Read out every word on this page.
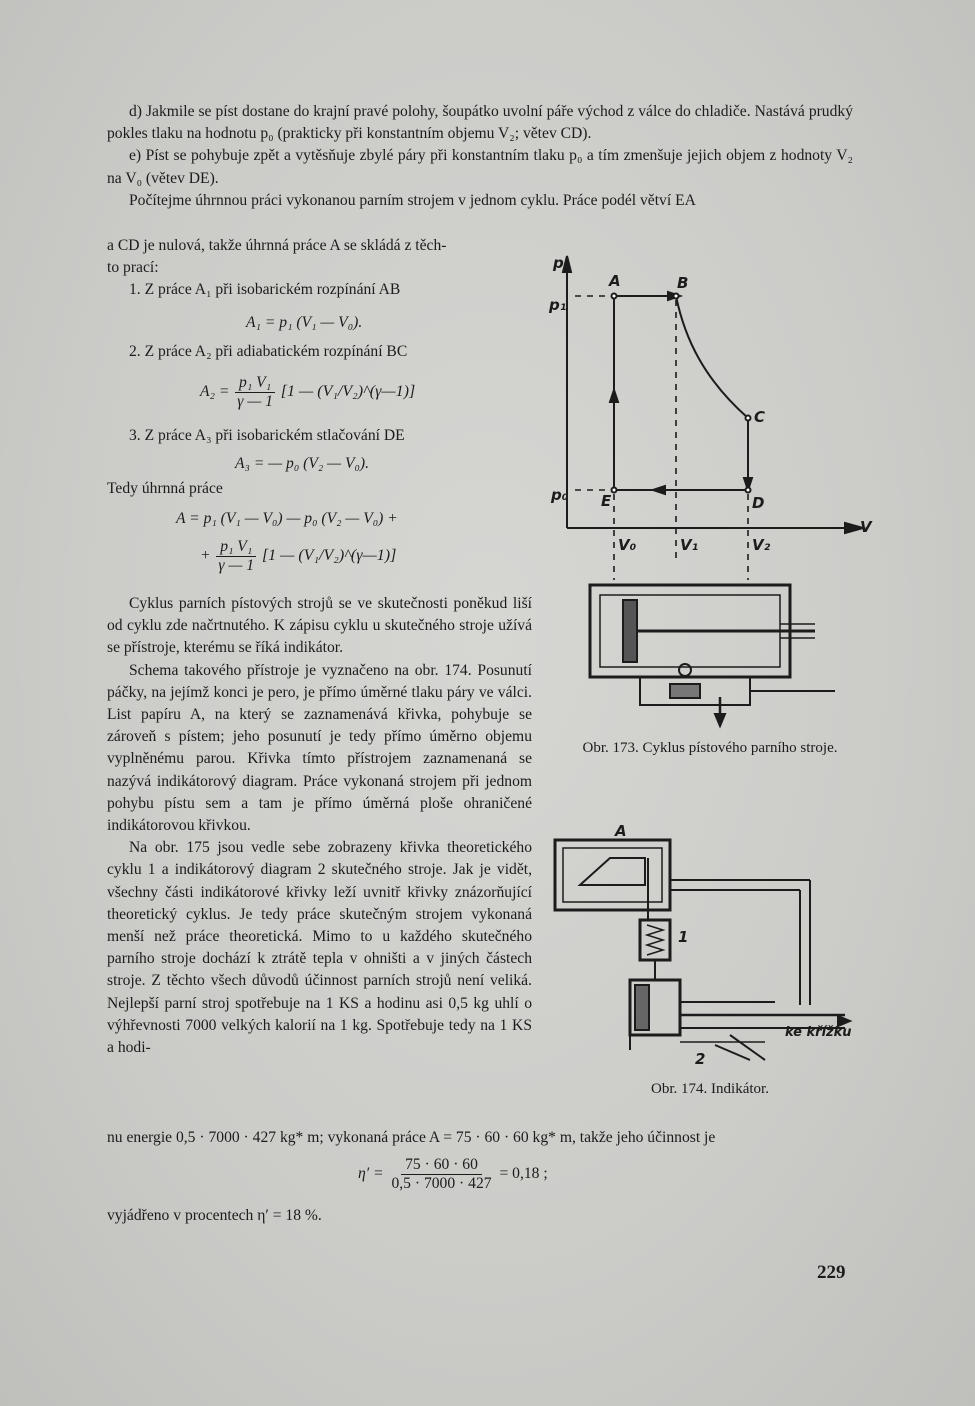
d) Jakmile se píst dostane do krajní pravé polohy, šoupátko uvolní páře východ z válce do chladiče. Nastává prudký pokles tlaku na hodnotu p₀ (prakticky při konstantním objemu V₂; větev CD).

e) Píst se pohybuje zpět a vytěsňuje zbylé páry při konstantním tlaku p₀ a tím zmenšuje jejich objem z hodnoty V₂ na V₀ (větev DE).

Počítejme úhrnnou práci vykonanou parním strojem v jednom cyklu. Práce podél větví EA

a CD je nulová, takže úhrnná práce A se skládá z těch-

to prací:

1. Z práce A₁ při isobarickém rozpínání AB

A₁ = p₁ (V₁ — V₀).

2. Z práce A₂ při adiabatickém rozpínání BC

$A_2 = \frac{\text{p₁ V₁}}{\gamma — 1} [1$ — (V₁/V₂)^(γ—1)]

3. Z práce A₃ při isobarickém stlačování DE

A₃ = — p₀ (V₂ — V₀).

Tedy úhrnná práce

A = p₁ (V₁ — V₀) — p₀ (V₂ — V₀) +
+ $\frac{\text{p₁ V₁}}{\gamma — 1} [1$ — (V₁/V₂)^(γ—1)]

Cyklus parních pístových strojů se ve skutečnosti poněkud liší od cyklu zde načrtnutého. K zápisu cyklu u skutečného stroje užívá se přístroje, kterému se říká indikátor.

Schema takového přístroje je vyznačeno na obr. 174. Posunutí páčky, na jejímž konci je pero, je přímo úměrné tlaku páry ve válci. List papíru A, na který se zaznamenává křivka, pohybuje se zároveň s pístem; jeho posunutí je tedy přímo úměrno objemu vyplněnému parou. Křivka tímto přístrojem zaznamenaná se nazývá indikátorový diagram. Práce vykonaná strojem při jednom pohybu pístu sem a tam je přímo úměrná ploše ohraničené indikátorovou křivkou.

Na obr. 175 jsou vedle sebe zobrazeny křivka theoretického cyklu 1 a indikátorový diagram 2 skutečného stroje. Jak je vidět, všechny části indikátorové křivky leží uvnitř křivky znázorňující theoretický cyklus. Je tedy práce skutečným strojem vykonaná menší než práce theoretická. Mimo to u každého skutečného parního stroje dochází k ztrátě tepla v ohništi a v jiných částech stroje. Z těchto všech důvodů účinnost parních strojů není veliká. Nejlepší parní stroj spotřebuje na 1 KS a hodinu asi 0,5 kg uhlí o výhřevnosti 7000 velkých kalorií na 1 kg. Spotřebuje tedy na 1 KS a hodi-

nu energie 0,5 · 7000 · 427 kg* m; vykonaná práce A = 75 · 60 · 60 kg* m, takže jeho účinnost je

$\eta' = \frac{75 \cdot 60 \cdot 60}{0,5 \cdot 7000 \cdot 427} = 0,18$ ;

vyjádřeno v procentech η′ = 18 %.

p
p₁
p₀
A	B
C
D
E
V
V₀	V₁	V₂
Obr. 173. Cyklus pístového parního stroje.
A
1
2
ke křížku
Obr. 174. Indikátor.
229
